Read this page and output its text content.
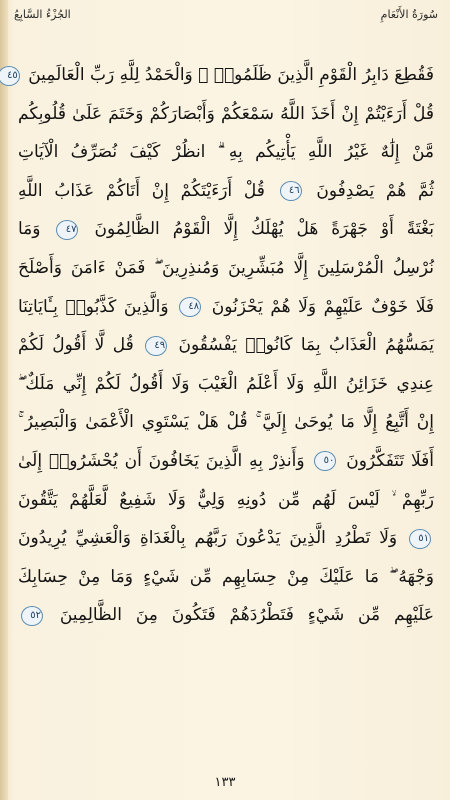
سُورَةُ الأَنْعَامِ
الجُزْءُ السَّابِعُ
فَقُطِعَ دَابِرُ الْقَوْمِ الَّذِينَ ظَلَمُوا۟ ۚ وَالْحَمْدُ لِلَّهِ رَبِّ الْعَالَمِينَ ٤٥
قُلْ أَرَءَيْتُمْ إِنْ أَخَذَ اللَّهُ سَمْعَكُمْ وَأَبْصَارَكُمْ وَخَتَمَ عَلَىٰ قُلُوبِكُم
مَّنْ إِلَٰهٌ غَيْرُ اللَّهِ يَأْتِيكُم بِهِ ۗ انظُرْ كَيْفَ نُصَرِّفُ الْآيَاتِ
ثُمَّ هُمْ يَصْدِفُونَ ٤٦ قُلْ أَرَءَيْتَكُمْ إِنْ أَتَاكُمْ عَذَابُ اللَّهِ
بَغْتَةً أَوْ جَهْرَةً هَلْ يُهْلَكُ إِلَّا الْقَوْمُ الظَّالِمُونَ ٤٧ وَمَا
نُرْسِلُ الْمُرْسَلِينَ إِلَّا مُبَشِّرِينَ وَمُنذِرِينَ ۖ فَمَنْ ءَامَنَ وَأَصْلَحَ
فَلَا خَوْفٌ عَلَيْهِمْ وَلَا هُمْ يَحْزَنُونَ ٤٨ وَالَّذِينَ كَذَّبُوا۟ بِـَٔايَاتِنَا
يَمَسُّهُمُ الْعَذَابُ بِمَا كَانُوا۟ يَفْسُقُونَ ٤٩ قُل لَّا أَقُولُ لَكُمْ
عِندِي خَزَائِنُ اللَّهِ وَلَا أَعْلَمُ الْغَيْبَ وَلَا أَقُولُ لَكُمْ إِنِّي مَلَكٌ ۖ
إِنْ أَتَّبِعُ إِلَّا مَا يُوحَىٰ إِلَيَّ ۚ قُلْ هَلْ يَسْتَوِي الْأَعْمَىٰ وَالْبَصِيرُ ۚ
أَفَلَا تَتَفَكَّرُونَ ٥٠ وَأَنذِرْ بِهِ الَّذِينَ يَخَافُونَ أَن يُحْشَرُوا۟ إِلَىٰ
رَبِّهِمْ ۙ لَيْسَ لَهُم مِّن دُونِهِ وَلِيٌّ وَلَا شَفِيعٌ لَّعَلَّهُمْ يَتَّقُونَ
٥١ وَلَا تَطْرُدِ الَّذِينَ يَدْعُونَ رَبَّهُم بِالْغَدَاةِ وَالْعَشِيِّ يُرِيدُونَ
وَجْهَهُ ۖ مَا عَلَيْكَ مِنْ حِسَابِهِم مِّن شَيْءٍ وَمَا مِنْ حِسَابِكَ
عَلَيْهِم مِّن شَيْءٍ فَتَطْرُدَهُمْ فَتَكُونَ مِنَ الظَّالِمِينَ ٥٢
١٣٣
